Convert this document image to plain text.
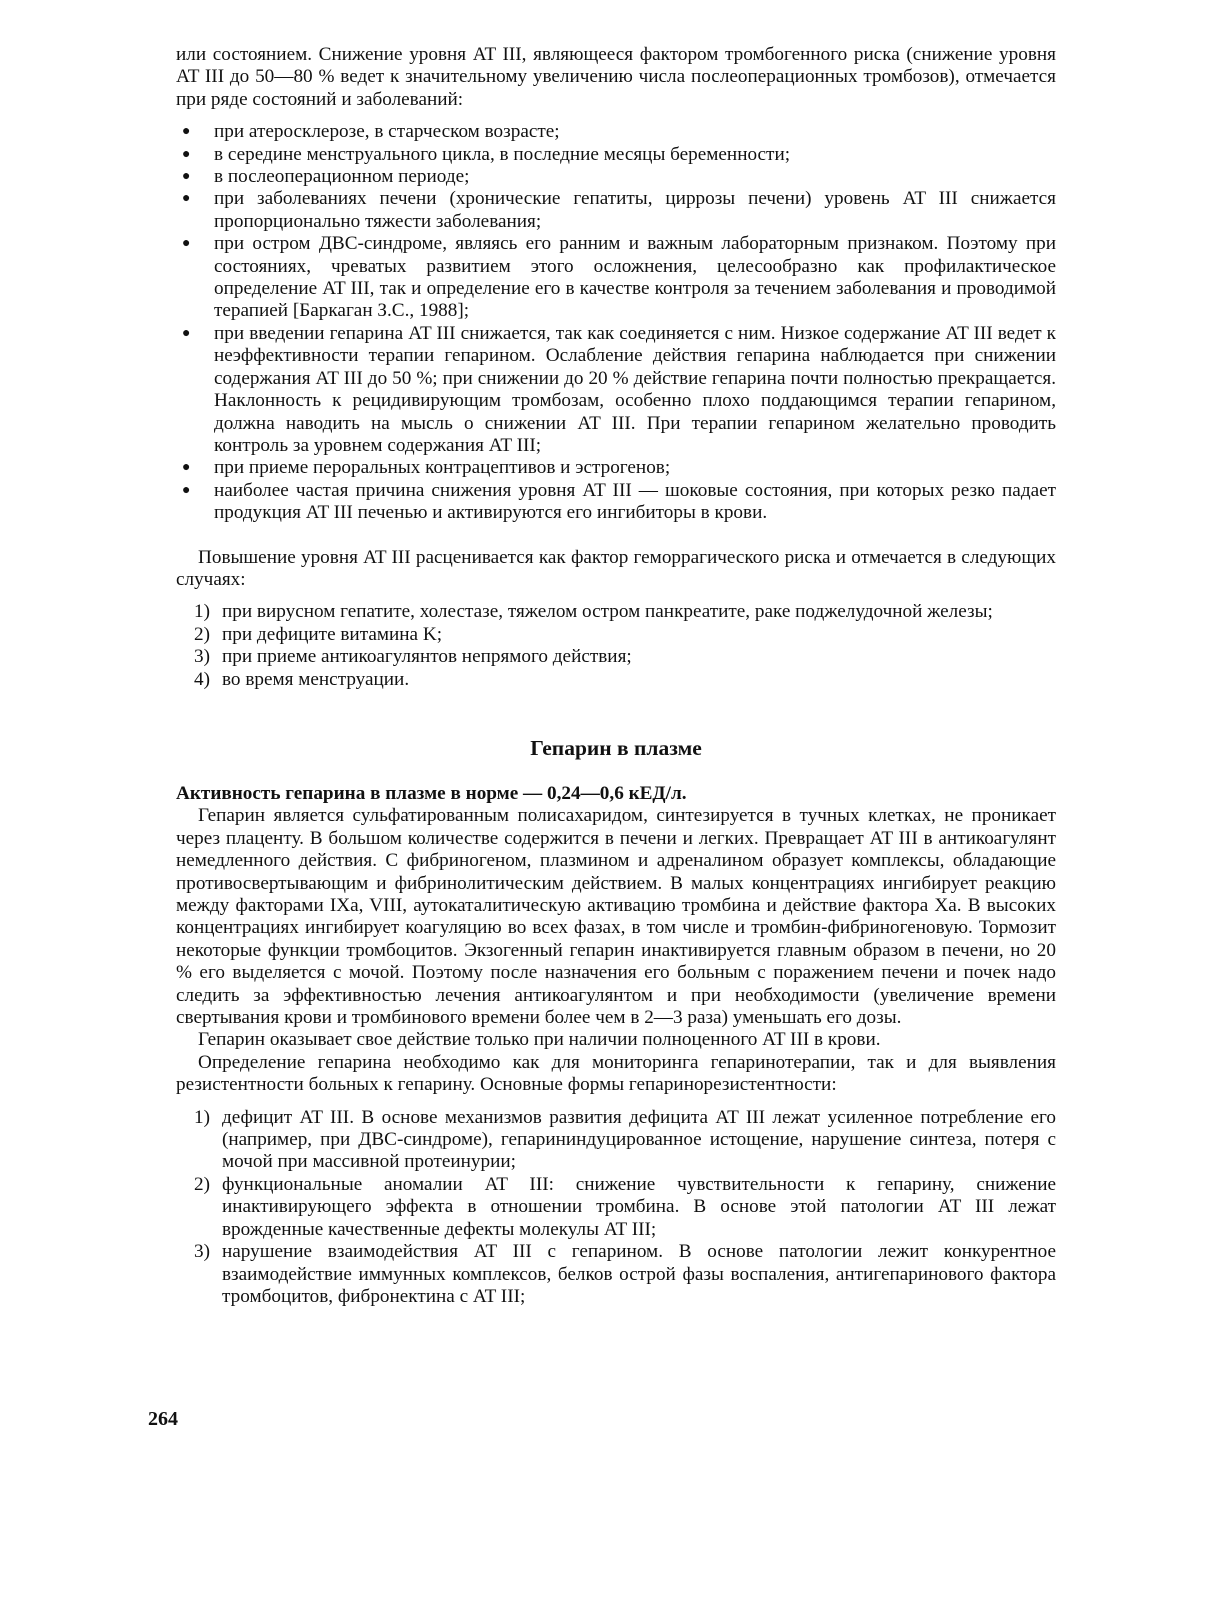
или состоянием. Снижение уровня AT III, являющееся фактором тромбогенного риска (снижение уровня AT III до 50—80 % ведет к значительному увеличению числа послеоперационных тромбозов), отмечается при ряде состояний и заболеваний:

● при атеросклерозе, в старческом возрасте;
● в середине менструального цикла, в последние месяцы беременности;
● в послеоперационном периоде;
● при заболеваниях печени (хронические гепатиты, циррозы печени) уровень AT III снижается пропорционально тяжести заболевания;
● при остром ДВС-синдроме, являясь его ранним и важным лабораторным признаком. Поэтому при состояниях, чреватых развитием этого осложнения, целесообразно как профилактическое определение AT III, так и определение его в качестве контроля за течением заболевания и проводимой терапией [Баркаган З.С., 1988];
● при введении гепарина AT III снижается, так как соединяется с ним. Низкое содержание AT III ведет к неэффективности терапии гепарином. Ослабление действия гепарина наблюдается при снижении содержания AT III до 50 %; при снижении до 20 % действие гепарина почти полностью прекращается. Наклонность к рецидивирующим тромбозам, особенно плохо поддающимся терапии гепарином, должна наводить на мысль о снижении AT III. При терапии гепарином желательно проводить контроль за уровнем содержания AT III;
● при приеме пероральных контрацептивов и эстрогенов;
● наиболее частая причина снижения уровня AT III — шоковые состояния, при которых резко падает продукция AT III печенью и активируются его ингибиторы в крови.

Повышение уровня AT III расценивается как фактор геморрагического риска и отмечается в следующих случаях:

1) при вирусном гепатите, холестазе, тяжелом остром панкреатите, раке поджелудочной железы;
2) при дефиците витамина K;
3) при приеме антикоагулянтов непрямого действия;
4) во время менструации.
Гепарин в плазме

Активность гепарина в плазме в норме — 0,24—0,6 кЕД/л.

Гепарин является сульфатированным полисахаридом, синтезируется в тучных клетках, не проникает через плаценту. В большом количестве содержится в печени и легких. Превращает AT III в антикоагулянт немедленного действия. С фибриногеном, плазмином и адреналином образует комплексы, обладающие противосвертывающим и фибринолитическим действием. В малых концентрациях ингибирует реакцию между факторами IXa, VIII, аутокаталитическую активацию тромбина и действие фактора Xa. В высоких концентрациях ингибирует коагуляцию во всех фазах, в том числе и тромбин-фибриногеновую. Тормозит некоторые функции тромбоцитов. Экзогенный гепарин инактивируется главным образом в печени, но 20 % его выделяется с мочой. Поэтому после назначения его больным с поражением печени и почек надо следить за эффективностью лечения антикоагулянтом и при необходимости (увеличение времени свертывания крови и тромбинового времени более чем в 2—3 раза) уменьшать его дозы.

Гепарин оказывает свое действие только при наличии полноценного AT III в крови.

Определение гепарина необходимо как для мониторинга гепаринотерапии, так и для выявления резистентности больных к гепарину. Основные формы гепаринорезистентности:

1) дефицит AT III. В основе механизмов развития дефицита AT III лежат усиленное потребление его (например, при ДВС-синдроме), гепарининдуцированное истощение, нарушение синтеза, потеря с мочой при массивной протеинурии;
2) функциональные аномалии AT III: снижение чувствительности к гепарину, снижение инактивирующего эффекта в отношении тромбина. В основе этой патологии AT III лежат врожденные качественные дефекты молекулы AT III;
3) нарушение взаимодействия AT III с гепарином. В основе патологии лежит конкурентное взаимодействие иммунных комплексов, белков острой фазы воспаления, антигепаринового фактора тромбоцитов, фибронектина с AT III;
264
